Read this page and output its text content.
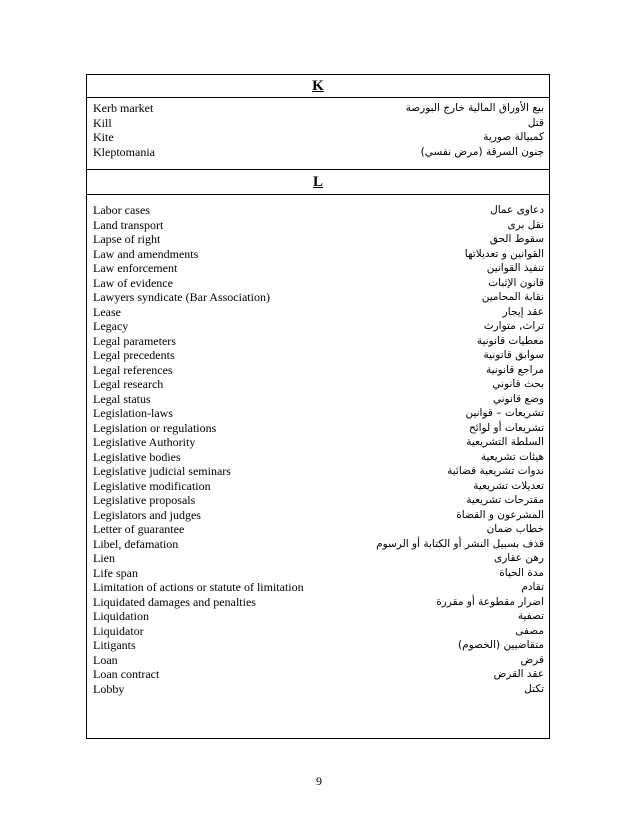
K

Kerb market	بيع الأوراق المالية خارج البورصة
Kill	قتل
Kite	كمبيالة صورية
Kleptomania	جنون السرقة (مرض نفسي)

L

Labor cases	دعاوى عمال
Land transport	نقل برى
Lapse of right	سقوط الحق
Law and amendments	القوانين و تعديلاتها
Law enforcement	تنفيذ القوانين
Law of evidence	قانون الإثبات
Lawyers syndicate (Bar Association)	نقابة المحامين
Lease	عقد إيجار
Legacy	تراث, متوارث
Legal parameters	معطيات قانونية
Legal precedents	سوابق قانونية
Legal references	مراجع قانونية
Legal research	بحث قانوني
Legal status	وضع قانوني
Legislation-laws	تشريعات – قوانين
Legislation or regulations	تشريعات أو لوائح
Legislative Authority	السلطة التشريعية
Legislative bodies	هيئات تشريعية
Legislative judicial seminars	ندوات تشريعية قضائية
Legislative modification	تعديلات تشريعية
Legislative proposals	مقترحات تشريعية
Legislators and judges	المشرعون و القضاة
Letter of guarantee	خطاب ضمان
Libel, defamation	قذف بسبيل النشر أو الكتابة أو الرسوم
Lien	رهن عقارى
Life span	مدة الحياة
Limitation of actions or statute of limitation	تقادم
Liquidated damages and penalties	اضرار مقطوعة أو مقررة
Liquidation	تصفية
Liquidator	مصفى
Litigants	متقاضيين (الخصوم)
Loan	قرض
Loan contract	عقد القرض
Lobby	تكتل
9
